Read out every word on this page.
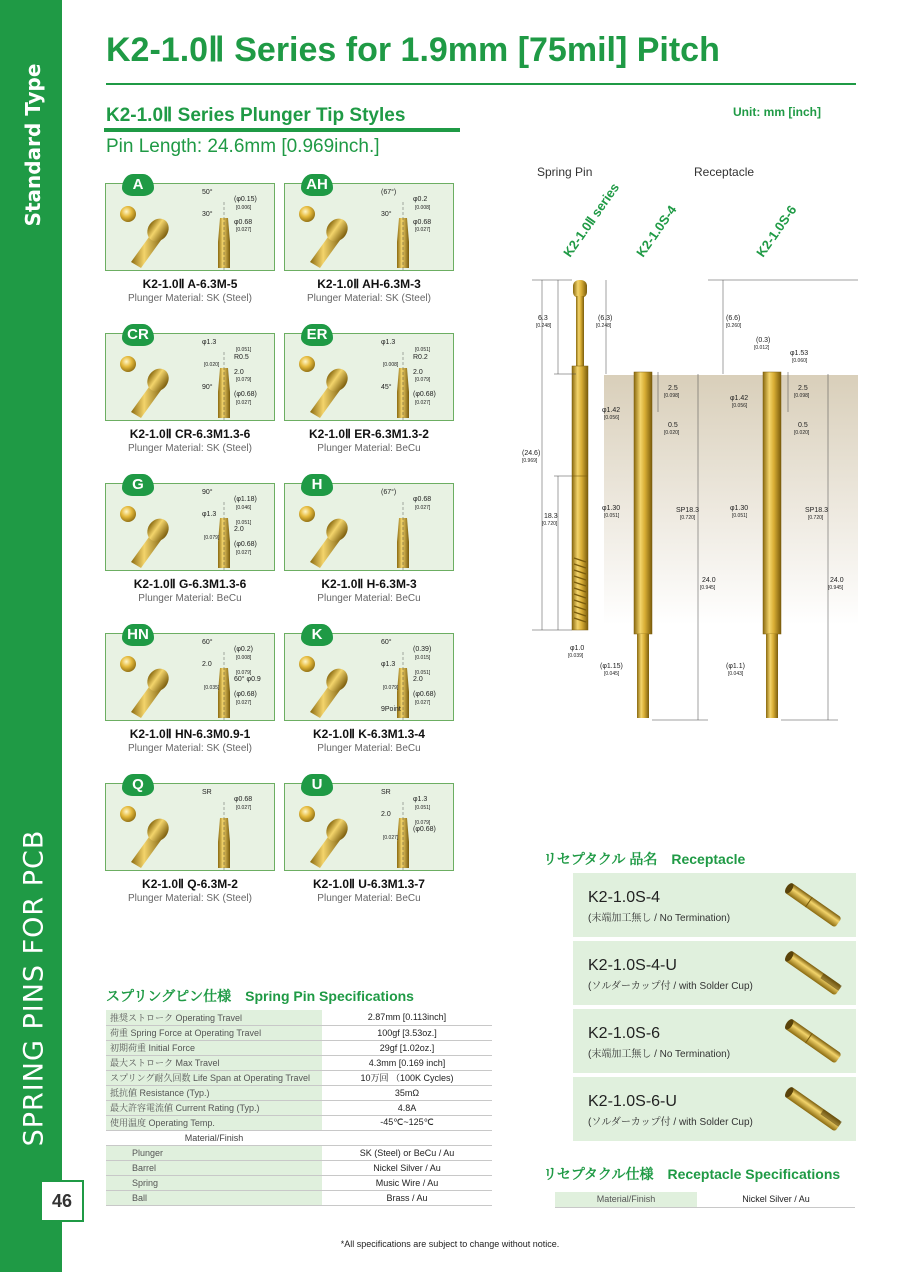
Standard Type
SPRING PINS FOR PCB
46
K2-1.0Ⅱ Series for 1.9mm [75mil] Pitch
K2-1.0Ⅱ Series Plunger Tip Styles
Pin Length: 24.6mm [0.969inch.]
Unit: mm [inch]
50°
(φ0.15)
[0.006]
30°
φ0.68
[0.027]
A
K2-1.0Ⅱ A-6.3M-5
Plunger Material: SK (Steel)
(67°)
φ0.2
[0.008]
30°
φ0.68
[0.027]
AH
K2-1.0Ⅱ AH-6.3M-3
Plunger Material: SK (Steel)
φ1.3
[0.051]
R0.5
[0.020]
2.0
[0.079]
90°
(φ0.68)
[0.027]
CR
K2-1.0Ⅱ CR-6.3M1.3-6
Plunger Material: SK (Steel)
φ1.3
[0.051]
R0.2
[0.008]
2.0
[0.079]
45°
(φ0.68)
[0.027]
ER
K2-1.0Ⅱ ER-6.3M1.3-2
Plunger Material: BeCu
90°
(φ1.18)
[0.046]
φ1.3
[0.051]
2.0
[0.079]
(φ0.68)
[0.027]
G
K2-1.0Ⅱ G-6.3M1.3-6
Plunger Material: BeCu
(67°)
φ0.68
[0.027]
H
K2-1.0Ⅱ H-6.3M-3
Plunger Material: BeCu
60°
(φ0.2)
[0.008]
2.0
[0.079]
60° φ0.9
[0.035]
(φ0.68)
[0.027]
HN
K2-1.0Ⅱ HN-6.3M0.9-1
Plunger Material: SK (Steel)
60°
(0.39)
[0.015]
φ1.3
[0.051]
2.0
[0.079]
(φ0.68)
[0.027]
9Point
K
K2-1.0Ⅱ K-6.3M1.3-4
Plunger Material: BeCu
SR
φ0.68
[0.027]
Q
K2-1.0Ⅱ Q-6.3M-2
Plunger Material: SK (Steel)
SR
φ1.3
[0.051]
2.0
[0.079]
(φ0.68)
[0.027]
U
K2-1.0Ⅱ U-6.3M1.3-7
Plunger Material: BeCu
Spring Pin	Receptacle
K2-1.0Ⅱ series K2-1.0S-4	K2-1.0S-6
6.3
[0.248]
(6.3)
[0.248]
(6.6)
[0.260]
(0.3)
[0.012]
φ1.53
[0.060]
2.5
[0.098]
2.5
[0.098]
φ1.42
[0.056]
φ1.42
[0.056]
0.5
[0.020]
0.5
[0.020]
(24.6)
[0.969]
18.3
[0.720]
φ1.30
[0.051]
φ1.30
[0.051]
SP18.3
[0.720]
SP18.3
[0.720]
24.0
[0.945]
24.0
[0.945]
φ1.0
[0.039]
(φ1.15)
[0.045]
(φ1.1)
[0.043]
リセプタクル 品名　Receptacle
K2-1.0S-4
(末端加工無し / No Termination)
K2-1.0S-4-U
(ソルダーカップ付 / with Solder Cup)
K2-1.0S-6
(末端加工無し / No Termination)
K2-1.0S-6-U
(ソルダーカップ付 / with Solder Cup)
スプリングピン仕様　Spring Pin Specifications
推奨ストローク Operating Travel	2.87mm [0.113inch]
荷重 Spring Force at Operating Travel	100gf [3.53oz.]
初期荷重 Initial Force	29gf [1.02oz.]
最大ストローク Max Travel	4.3mm [0.169 inch]
スプリング耐久回数 Life Span at Operating Travel	10万回 （100K Cycles)
抵抗値 Resistance (Typ.)	35mΩ
最大許容電流値 Current Rating (Typ.)	4.8A
使用温度 Operating Temp.	-45℃~125℃
Material/Finish	
Plunger	SK (Steel) or BeCu / Au
Barrel	Nickel Silver / Au
Spring	Music Wire / Au
Ball	Brass / Au
リセプタクル仕様　Receptacle Specifications
Material/Finish	Nickel Silver / Au
*All specifications are subject to change without notice.
